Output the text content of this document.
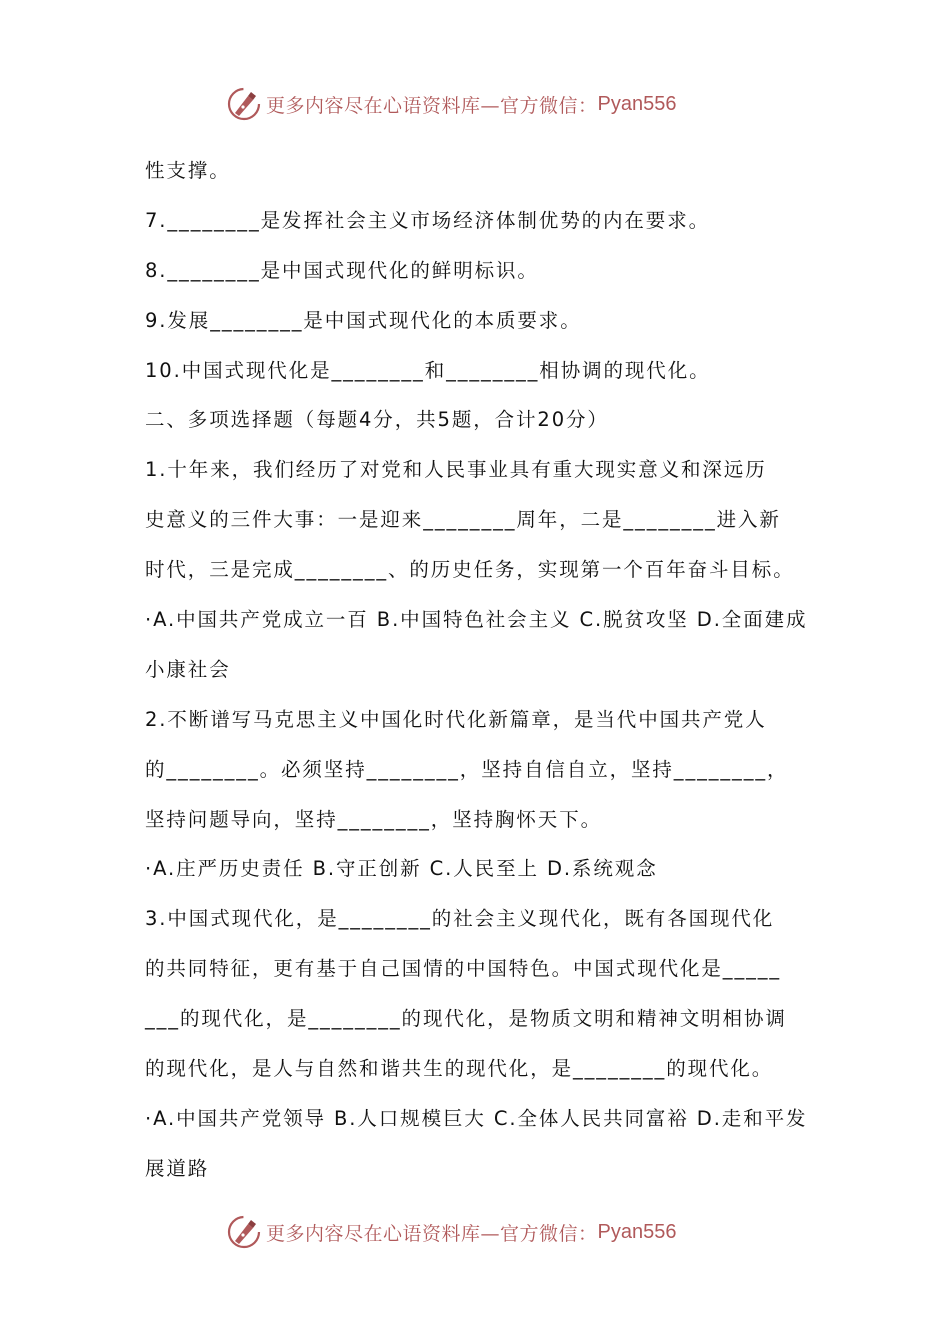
更多内容尽在心语资料库—官方微信： Pyan556
性支撑。
7.________是发挥社会主义市场经济体制优势的内在要求。
8.________是中国式现代化的鲜明标识。
9.发展________是中国式现代化的本质要求。
10.中国式现代化是________和________相协调的现代化。
二、多项选择题（每题4分，共5题，合计20分）
1.十年来，我们经历了对党和人民事业具有重大现实意义和深远历
史意义的三件大事：一是迎来________周年，二是________进入新
时代，三是完成________、的历史任务，实现第一个百年奋斗目标。
·A.中国共产党成立一百 B.中国特色社会主义 C.脱贫攻坚 D.全面建成
小康社会
2.不断谱写马克思主义中国化时代化新篇章，是当代中国共产党人
的________。必须坚持________，坚持自信自立，坚持________，
坚持问题导向，坚持________，坚持胸怀天下。
·A.庄严历史责任 B.守正创新 C.人民至上 D.系统观念
3.中国式现代化，是________的社会主义现代化，既有各国现代化
的共同特征，更有基于自己国情的中国特色。中国式现代化是_____
___的现代化，是________的现代化，是物质文明和精神文明相协调
的现代化，是人与自然和谐共生的现代化，是________的现代化。
·A.中国共产党领导 B.人口规模巨大 C.全体人民共同富裕 D.走和平发
展道路
更多内容尽在心语资料库—官方微信： Pyan556
